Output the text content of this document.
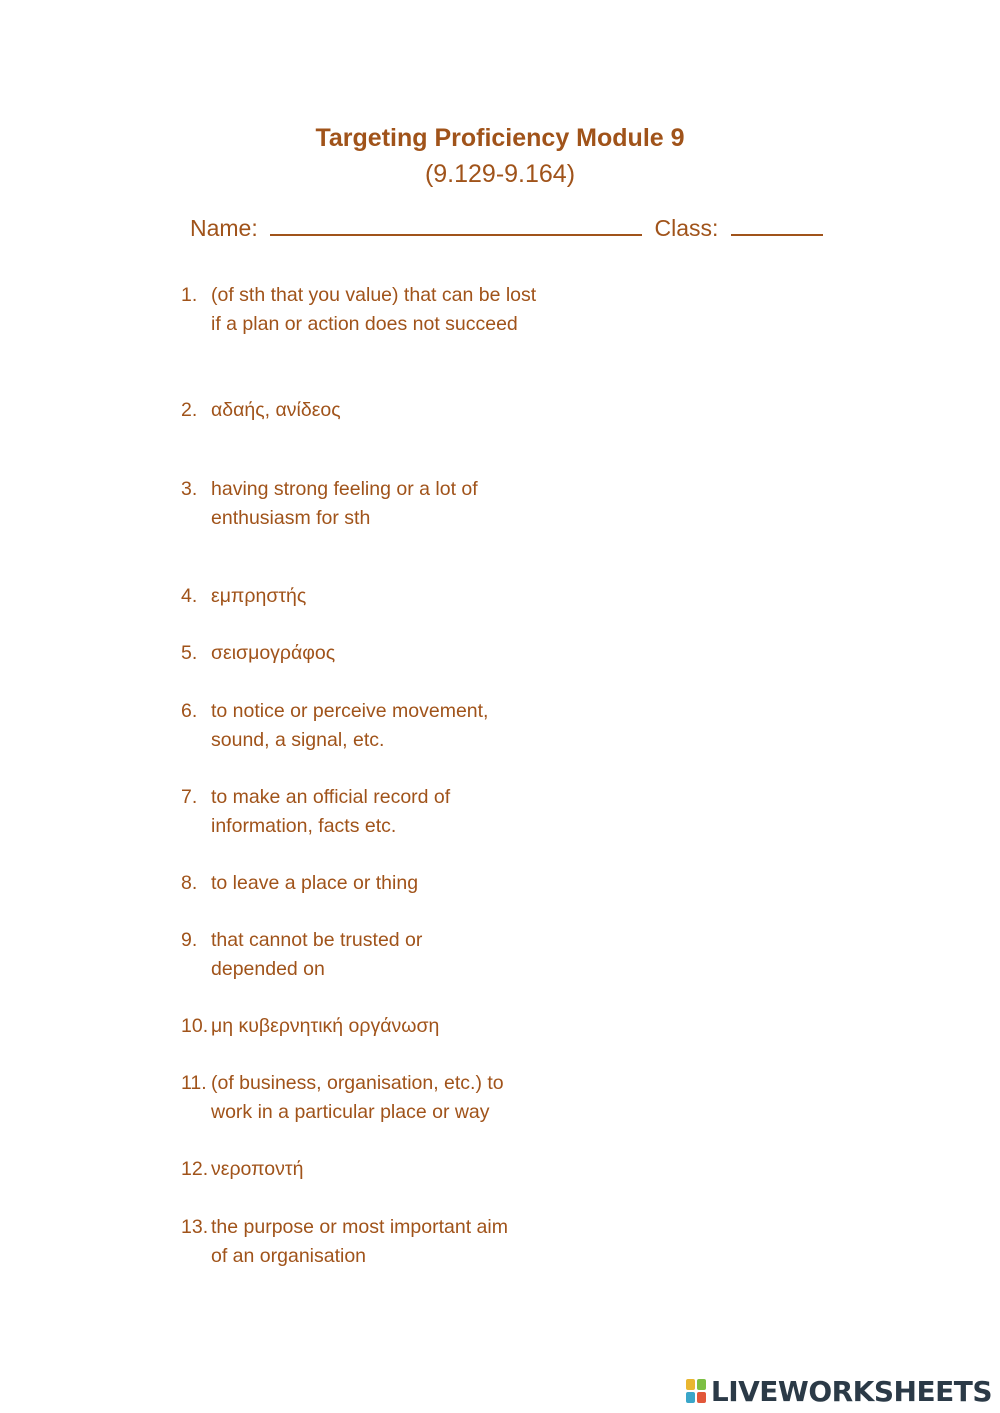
Targeting Proficiency Module 9
(9.129-9.164)
Name:	Class:
1. (of sth that you value) that can be lost if a plan or action does not succeed
2. αδαής, ανίδεος
3. having strong feeling or a lot of enthusiasm for sth
4. εμπρηστής
5. σεισμογράφος
6. to notice or perceive movement, sound, a signal, etc.
7. to make an official record of information, facts etc.
8. to leave a place or thing
9. that cannot be trusted or depended on
10. μη κυβερνητική οργάνωση
11. (of business, organisation, etc.) to work in a particular place or way
12. νεροποντή
13. the purpose or most important aim of an organisation
LIVEWORKSHEETS
